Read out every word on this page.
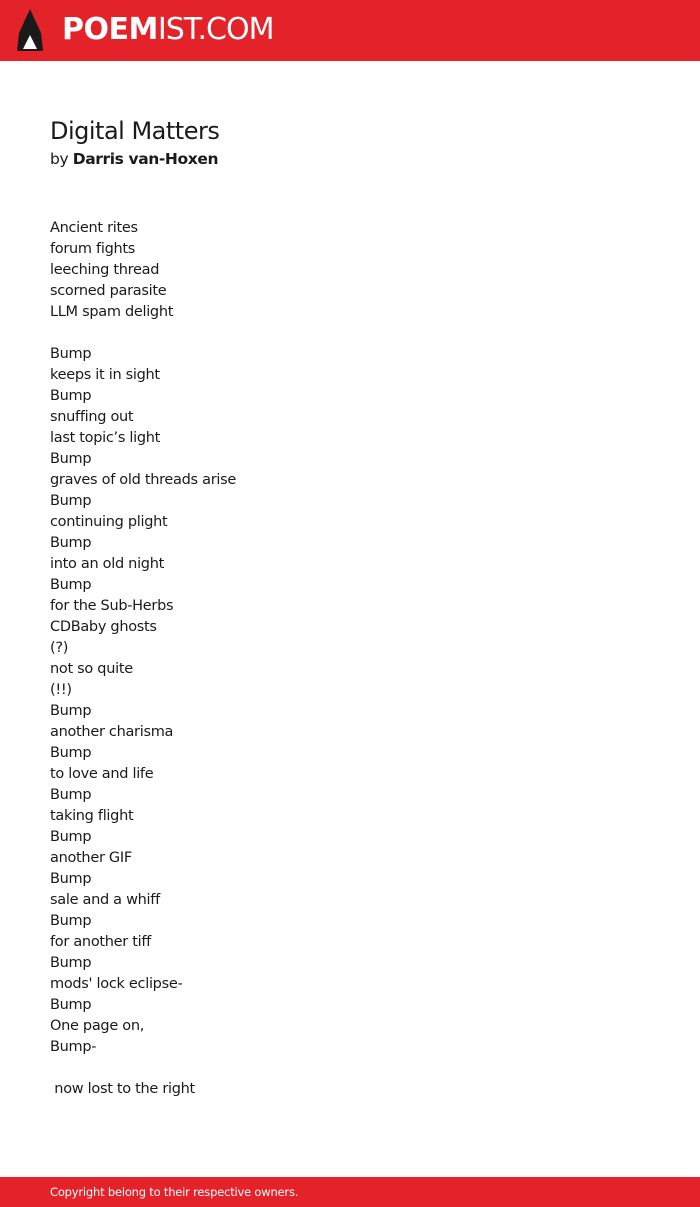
POEMIST.COM
Digital Matters
by Darris van-Hoxen
Ancient rites
forum fights
leeching thread
scorned parasite
LLM spam delight
Bump
keeps it in sight
Bump
snuffing out
last topic’s light
Bump
graves of old threads arise
Bump
continuing plight
Bump
into an old night
Bump
for the Sub-Herbs
CDBaby ghosts
(?)
not so quite
(!!)
Bump
another charisma
Bump
to love and life
Bump
taking flight
Bump
another GIF
Bump
sale and a whiff
Bump
for another tiff
Bump
mods' lock eclipse-
Bump
One page on,
Bump-
now lost to the right
Copyright belong to their respective owners.
